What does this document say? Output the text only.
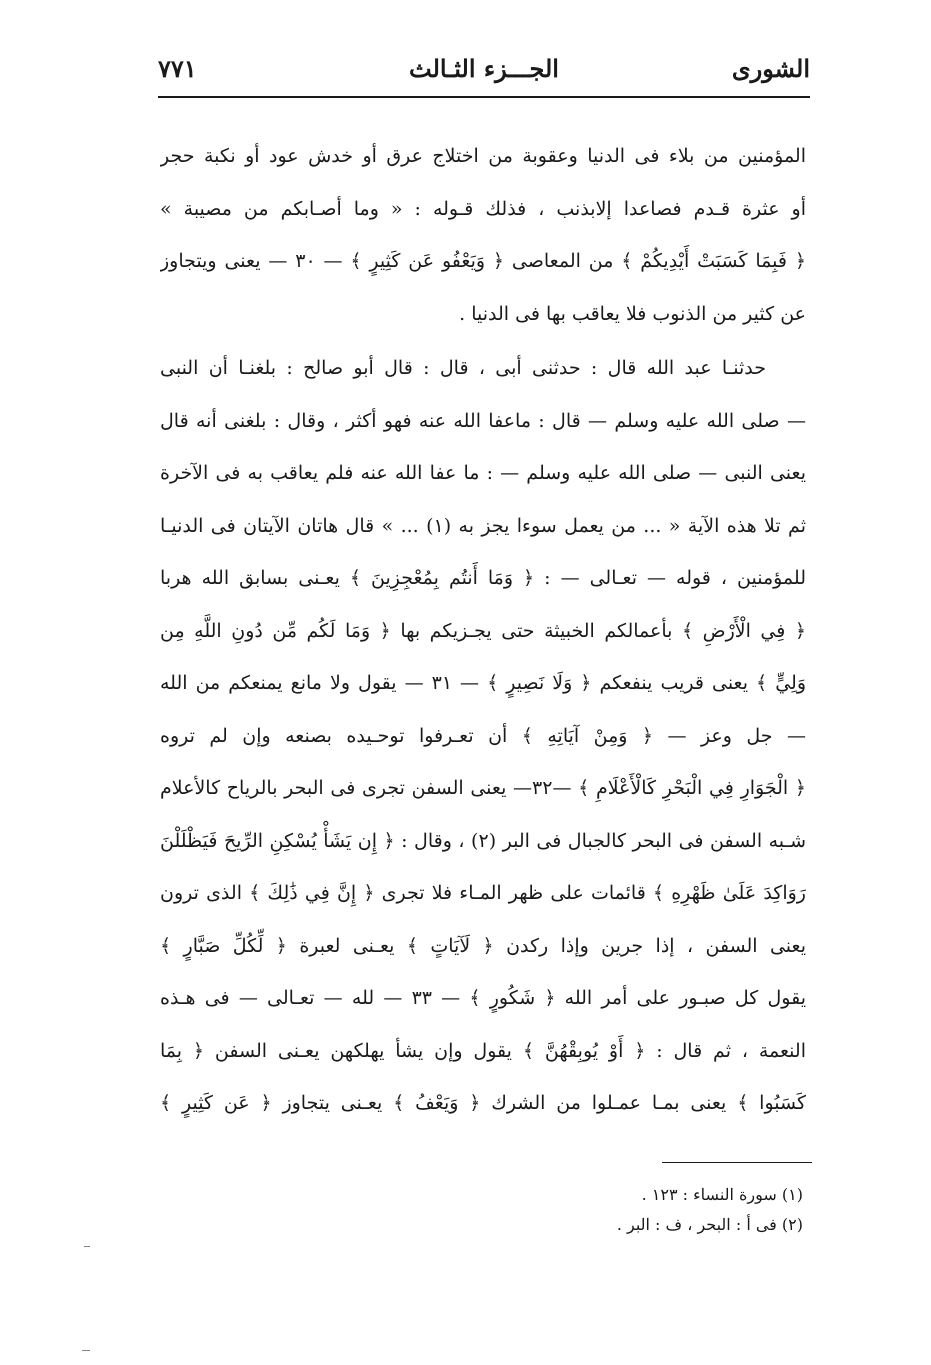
الشورى
الجـــزء الثـالث
٧٧١
المؤمنين من بلاء فى الدنيا وعقوبة من اختلاج عرق أو خدش عود أو نكبة حجر
أو عثرة قـدم فصاعدا إلابذنب ، فذلك قـوله : « وما أصـابكم من مصيبة »
﴿ فَبِمَا كَسَبَتْ أَيْدِيكُمْ ﴾ من المعاصى ﴿ وَيَعْفُو عَن كَثِيرٍ ﴾ — ٣٠ — يعنى ويتجاوز
عن كثير من الذنوب فلا يعاقب بها فى الدنيا .
حدثنـا عبد الله قال : حدثنى أبى ، قال : قال أبو صالح : بلغنـا أن النبى
— صلى الله عليه وسلم — قال : ماعفا الله عنه فهو أكثر ، وقال : بلغنى أنه قال
يعنى النبى — صلى الله عليه وسلم — : ما عفا الله عنه فلم يعاقب به فى الآخرة
ثم تلا هذه الآية « ... من يعمل سوءا يجز به (١) ... » قال هاتان الآيتان فى الدنيـا
للمؤمنين ، قوله — تعـالى — : ﴿ وَمَا أَنتُم بِمُعْجِزِينَ ﴾ يعـنى بسابق الله هربا
﴿ فِي الْأَرْضِ ﴾ بأعمالكم الخبيثة حتى يجـزيكم بها ﴿ وَمَا لَكُم مِّن دُونِ اللَّهِ مِن
وَلِيٍّ ﴾ يعنى قريب ينفعكم ﴿ وَلَا نَصِيرٍ ﴾ — ٣١ — يقول ولا مانع يمنعكم من الله
— جل وعز — ﴿ وَمِنْ آيَاتِهِ ﴾ أن تعـرفوا توحـيده بصنعه وإن لم تروه
﴿ الْجَوَارِ فِي الْبَحْرِ كَالْأَعْلَامِ ﴾ —٣٢— يعنى السفن تجرى فى البحر بالرياح كالأعلام
شـبه السفن فى البحر كالجبال فى البر (٢) ، وقال : ﴿ إِن يَشَأْ يُسْكِنِ الرِّيحَ فَيَظْلَلْنَ
رَوَاكِدَ عَلَىٰ ظَهْرِهِ ﴾ قائمات على ظهر المـاء فلا تجرى ﴿ إِنَّ فِي ذَٰلِكَ ﴾ الذى ترون
يعنى السفن ، إذا جرين وإذا ركدن ﴿ لَآيَاتٍ ﴾ يعـنى لعبرة ﴿ لِّكُلِّ صَبَّارٍ ﴾
يقول كل صبـور على أمر الله ﴿ شَكُورٍ ﴾ — ٣٣ — لله — تعـالى — فى هـذه
النعمة ، ثم قال : ﴿ أَوْ يُوبِقْهُنَّ ﴾ يقول وإن يشأ يهلكهن يعـنى السفن ﴿ بِمَا
كَسَبُوا ﴾ يعنى بمـا عمـلوا من الشرك ﴿ وَيَعْفُ ﴾ يعـنى يتجاوز ﴿ عَن كَثِيرٍ ﴾
(١) سورة النساء : ١٢٣ .
(٢) فى أ : البحر ، ف : البر .
